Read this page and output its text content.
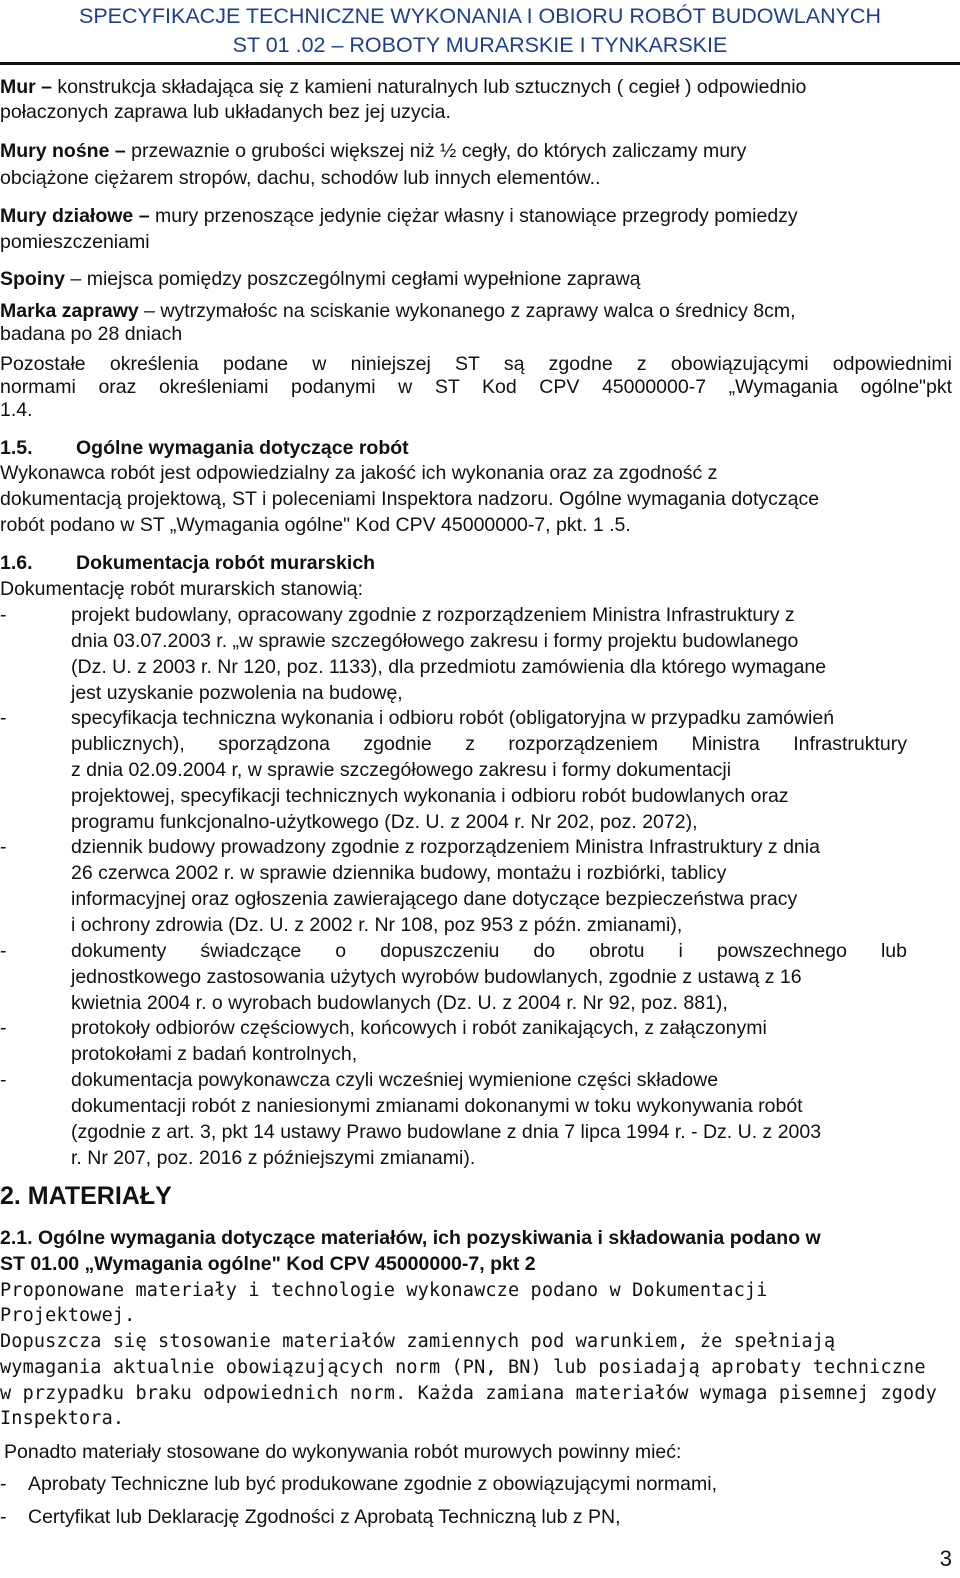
SPECYFIKACJE TECHNICZNE WYKONANIA I OBIORU ROBÓT BUDOWLANYCH
ST 01 .02 – ROBOTY MURARSKIE I TYNKARSKIE
Mur – konstrukcja składająca się z kamieni naturalnych lub sztucznych ( cegieł ) odpowiednio
połaczonych zaprawa lub układanych bez jej uzycia.
Mury nośne – przewaznie o grubości większej niż ½ cegły, do których zaliczamy mury
obciążone ciężarem stropów, dachu, schodów lub innych elementów..
Mury działowe – mury przenoszące jedynie ciężar własny i stanowiące przegrody pomiedzy
pomieszczeniami
Spoiny – miejsca pomiędzy poszczególnymi cegłami wypełnione zaprawą
Marka zaprawy – wytrzymałośc na sciskanie wykonanego z zaprawy walca o średnicy 8cm,
badana po 28 dniach
Pozostałe określenia podane w niniejszej ST są zgodne z obowiązującymi odpowiednimi
normami oraz określeniami podanymi w ST Kod CPV 45000000-7 „Wymagania ogólne"pkt
1.4.
1.5. Ogólne wymagania dotyczące robót
Wykonawca robót jest odpowiedzialny za jakość ich wykonania oraz za zgodność z
dokumentacją projektową, ST i poleceniami Inspektora nadzoru. Ogólne wymagania dotyczące
robót podano w ST „Wymagania ogólne" Kod CPV 45000000-7, pkt. 1 .5.
1.6. Dokumentacja robót murarskich
Dokumentację robót murarskich stanowią:
-	projekt budowlany, opracowany zgodnie z rozporządzeniem Ministra Infrastruktury z
dnia 03.07.2003 r. „w sprawie szczegółowego zakresu i formy projektu budowlanego
(Dz. U. z 2003 r. Nr 120, poz. 1133), dla przedmiotu zamówienia dla którego wymagane
jest uzyskanie pozwolenia na budowę,
-	specyfikacja techniczna wykonania i odbioru robót (obligatoryjna w przypadku zamówień
publicznych), sporządzona zgodnie z rozporządzeniem Ministra Infrastruktury
z dnia 02.09.2004 r, w sprawie szczegółowego zakresu i formy dokumentacji
projektowej, specyfikacji technicznych wykonania i odbioru robót budowlanych oraz
programu funkcjonalno-użytkowego (Dz. U. z 2004 r. Nr 202, poz. 2072),
-	dziennik budowy prowadzony zgodnie z rozporządzeniem Ministra Infrastruktury z dnia
26 czerwca 2002 r. w sprawie dziennika budowy, montażu i rozbiórki, tablicy
informacyjnej oraz ogłoszenia zawierającego dane dotyczące bezpieczeństwa pracy
i ochrony zdrowia (Dz. U. z 2002 r. Nr 108, poz 953 z późn. zmianami),
-	dokumenty świadczące o dopuszczeniu do obrotu i powszechnego lub
jednostkowego zastosowania użytych wyrobów budowlanych, zgodnie z ustawą z 16
kwietnia 2004 r. o wyrobach budowlanych (Dz. U. z 2004 r. Nr 92, poz. 881),
-	protokoły odbiorów częściowych, końcowych i robót zanikających, z załączonymi
protokołami z badań kontrolnych,
-	dokumentacja powykonawcza czyli wcześniej wymienione części składowe
dokumentacji robót z naniesionymi zmianami dokonanymi w toku wykonywania robót
(zgodnie z art. 3, pkt 14 ustawy Prawo budowlane z dnia 7 lipca 1994 r. - Dz. U. z 2003
r. Nr 207, poz. 2016 z późniejszymi zmianami).
2. MATERIAŁY
2.1. Ogólne wymagania dotyczące materiałów, ich pozyskiwania i składowania podano w
ST 01.00 „Wymagania ogólne" Kod CPV 45000000-7, pkt 2
Proponowane materiały i technologie wykonawcze podano w Dokumentacji
Projektowej.
Dopuszcza się stosowanie materiałów zamiennych pod warunkiem, że spełniają
wymagania aktualnie obowiązujących norm (PN, BN) lub posiadają aprobaty techniczne
w przypadku braku odpowiednich norm. Każda zamiana materiałów wymaga pisemnej zgody
Inspektora.
Ponadto materiały stosowane do wykonywania robót murowych powinny mieć:
- Aprobaty Techniczne lub być produkowane zgodnie z obowiązującymi normami,
- Certyfikat lub Deklarację Zgodności z Aprobatą Techniczną lub z PN,
3
